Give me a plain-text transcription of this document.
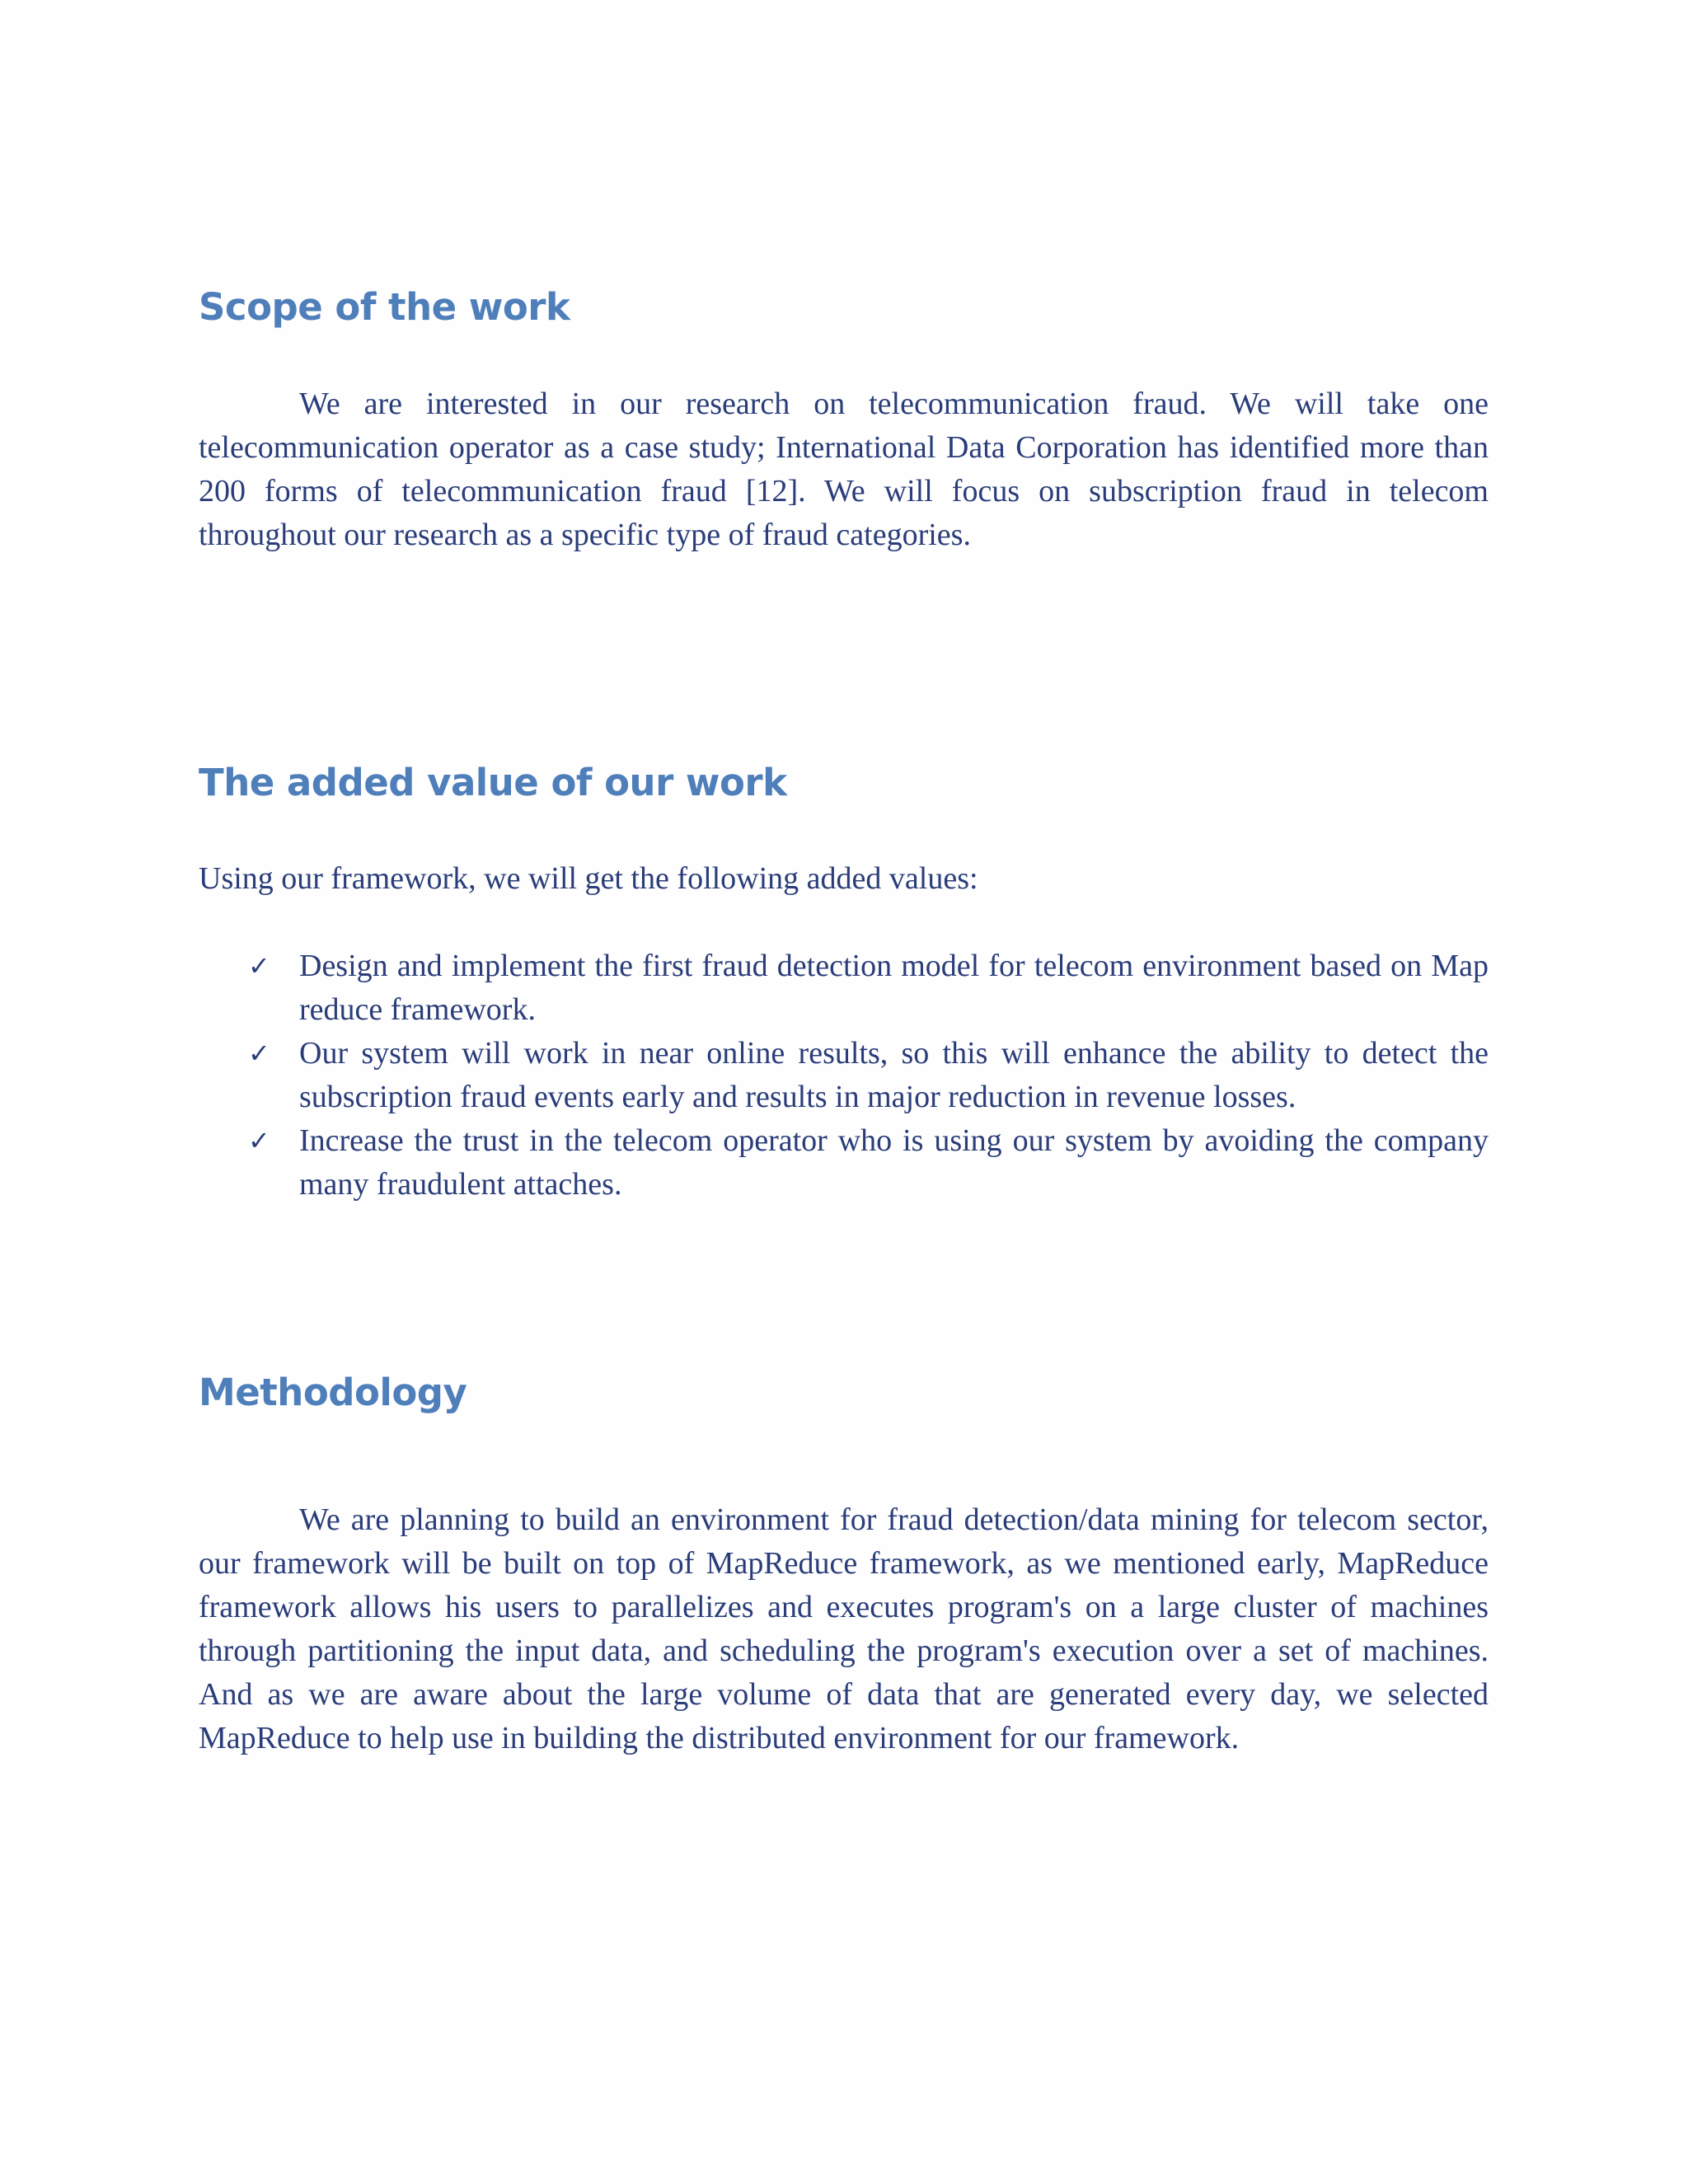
Scope of the work

We are interested in our research on telecommunication fraud. We will take one telecommunication operator as a case study; International Data Corporation has identified more than 200 forms of telecommunication fraud [12]. We will focus on subscription fraud in telecom throughout our research as a specific type of fraud categories.

The added value of our work

Using our framework, we will get the following added values:

✓ Design and implement the first fraud detection model for telecom environment based on Map reduce framework.
✓ Our system will work in near online results, so this will enhance the ability to detect the subscription fraud events early and results in major reduction in revenue losses.
✓ Increase the trust in the telecom operator who is using our system by avoiding the company many fraudulent attaches.
Methodology

We are planning to build an environment for fraud detection/data mining for telecom sector, our framework will be built on top of MapReduce framework, as we mentioned early, MapReduce framework allows his users to parallelizes and executes program's on a large cluster of machines through partitioning the input data, and scheduling the program's execution over a set of machines. And as we are aware about the large volume of data that are generated every day, we selected MapReduce to help use in building the distributed environment for our framework.
